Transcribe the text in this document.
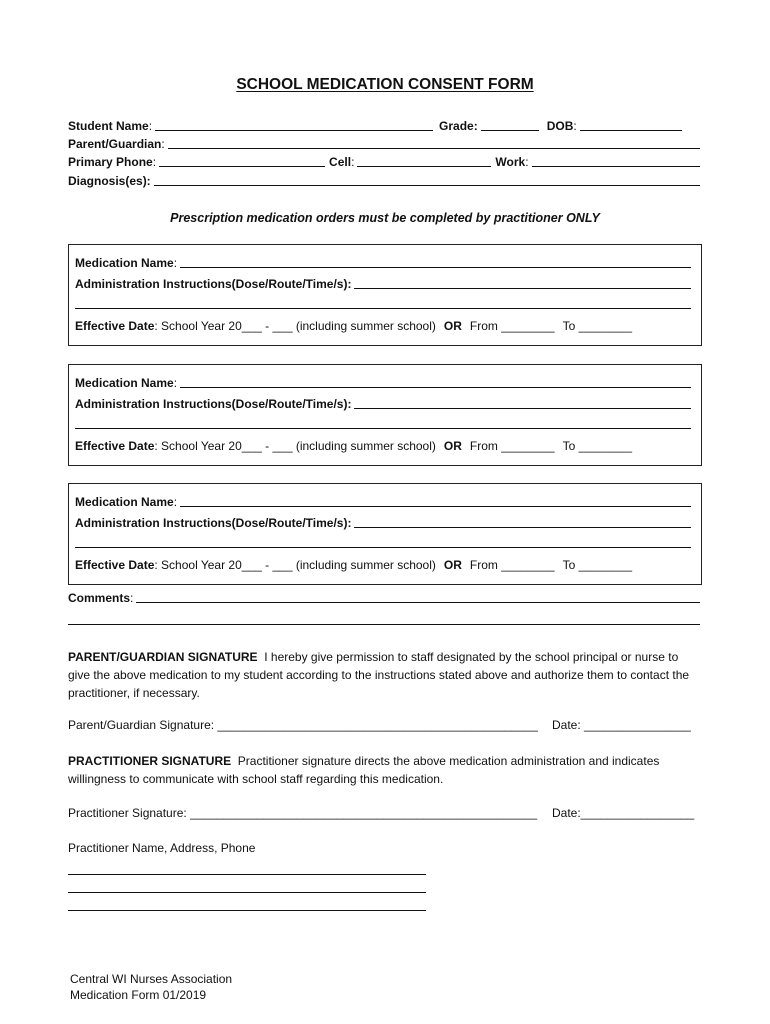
SCHOOL MEDICATION CONSENT FORM
Student Name :	Grade:	DOB :
Parent/Guardian :
Primary Phone :	Cell :	Work :
Diagnosis(es):
Prescription medication orders must be completed by practitioner ONLY
Medication Name :
Administration Instructions(Dose/Route/Time/s):
Effective Date : School Year 20___ - ___ (including summer school) OR From ________ To ________
Medication Name :
Administration Instructions(Dose/Route/Time/s):
Effective Date : School Year 20___ - ___ (including summer school) OR From ________ To ________
Medication Name :
Administration Instructions(Dose/Route/Time/s):
Effective Date : School Year 20___ - ___ (including summer school) OR From ________ To ________
Comments :
PARENT/GUARDIAN SIGNATURE I hereby give permission to staff designated by the school principal or nurse to give the above medication to my student according to the instructions stated above and authorize them to contact the practitioner, if necessary.
Parent/Guardian Signature: ________________________________________________ Date: ________________
PRACTITIONER SIGNATURE Practitioner signature directs the above medication administration and indicates willingness to communicate with school staff regarding this medication.
Practitioner Signature: ____________________________________________________ Date:_________________
Practitioner Name, Address, Phone
Central WI Nurses Association
Medication Form 01/2019
